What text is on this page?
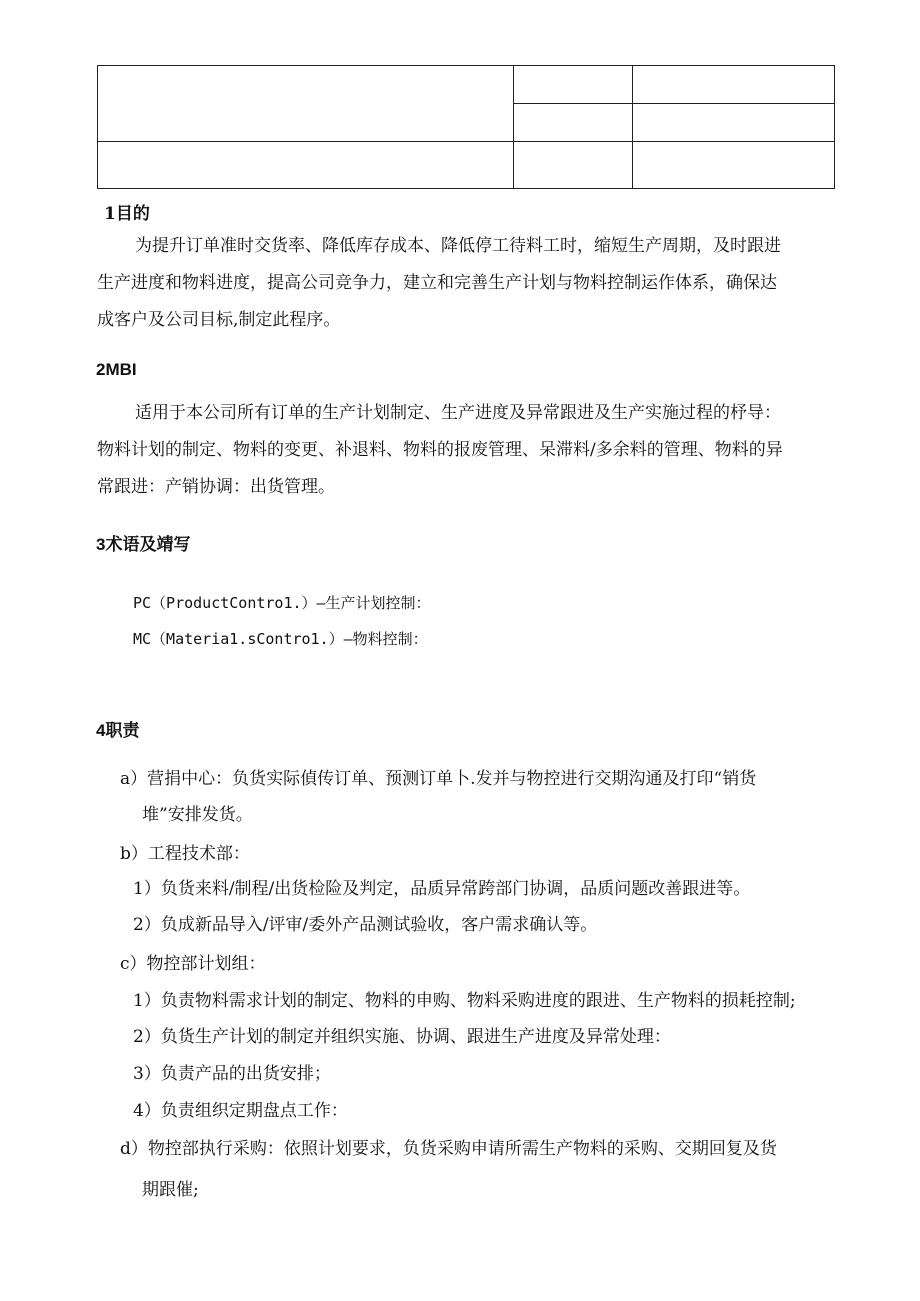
1目的
为提升订单准时交货率、降低库存成本、降低停工待料工时，缩短生产周期，及时跟进
生产进度和物料进度，提高公司竞争力，建立和完善生产计划与物料控制运作体系，确保达
成客户及公司目标,制定此程序。
2MBI
适用于本公司所有订单的生产计划制定、生产进度及异常跟进及生产实施过程的杼导：
物料计划的制定、物料的变更、补退料、物料的报废管理、呆滞料/多余料的管理、物料的异
常跟进：产销协调：出货管理。
3术语及靖写
PC（ProductContro1.）—生产计划控制：
MC（Materia1.sContro1.）—物料控制：
4职责
a）营捐中心：负货实际偵传订单、预测订单卜.发并与物控进行交期沟通及打印“销货
堆”安排发货。
b）工程技术部：
1）负货来料/制程/出货检险及判定，品质异常跨部门协调，品质问题改善跟进等。
2）负成新品导入/评审/委外产品测试验收，客户需求确认等。
c）物控部计划组：
1）负责物料需求计划的制定、物料的申购、物料采购进度的跟进、生产物料的损耗控制;
2）负货生产计划的制定并组织实施、协调、跟进生产进度及异常处理：
3）负责产品的出货安排；
4）负责组织定期盘点工作：
d）物控部执行采购：依照计划要求，负货采购申请所需生产物料的采购、交期回复及货
期跟催;
